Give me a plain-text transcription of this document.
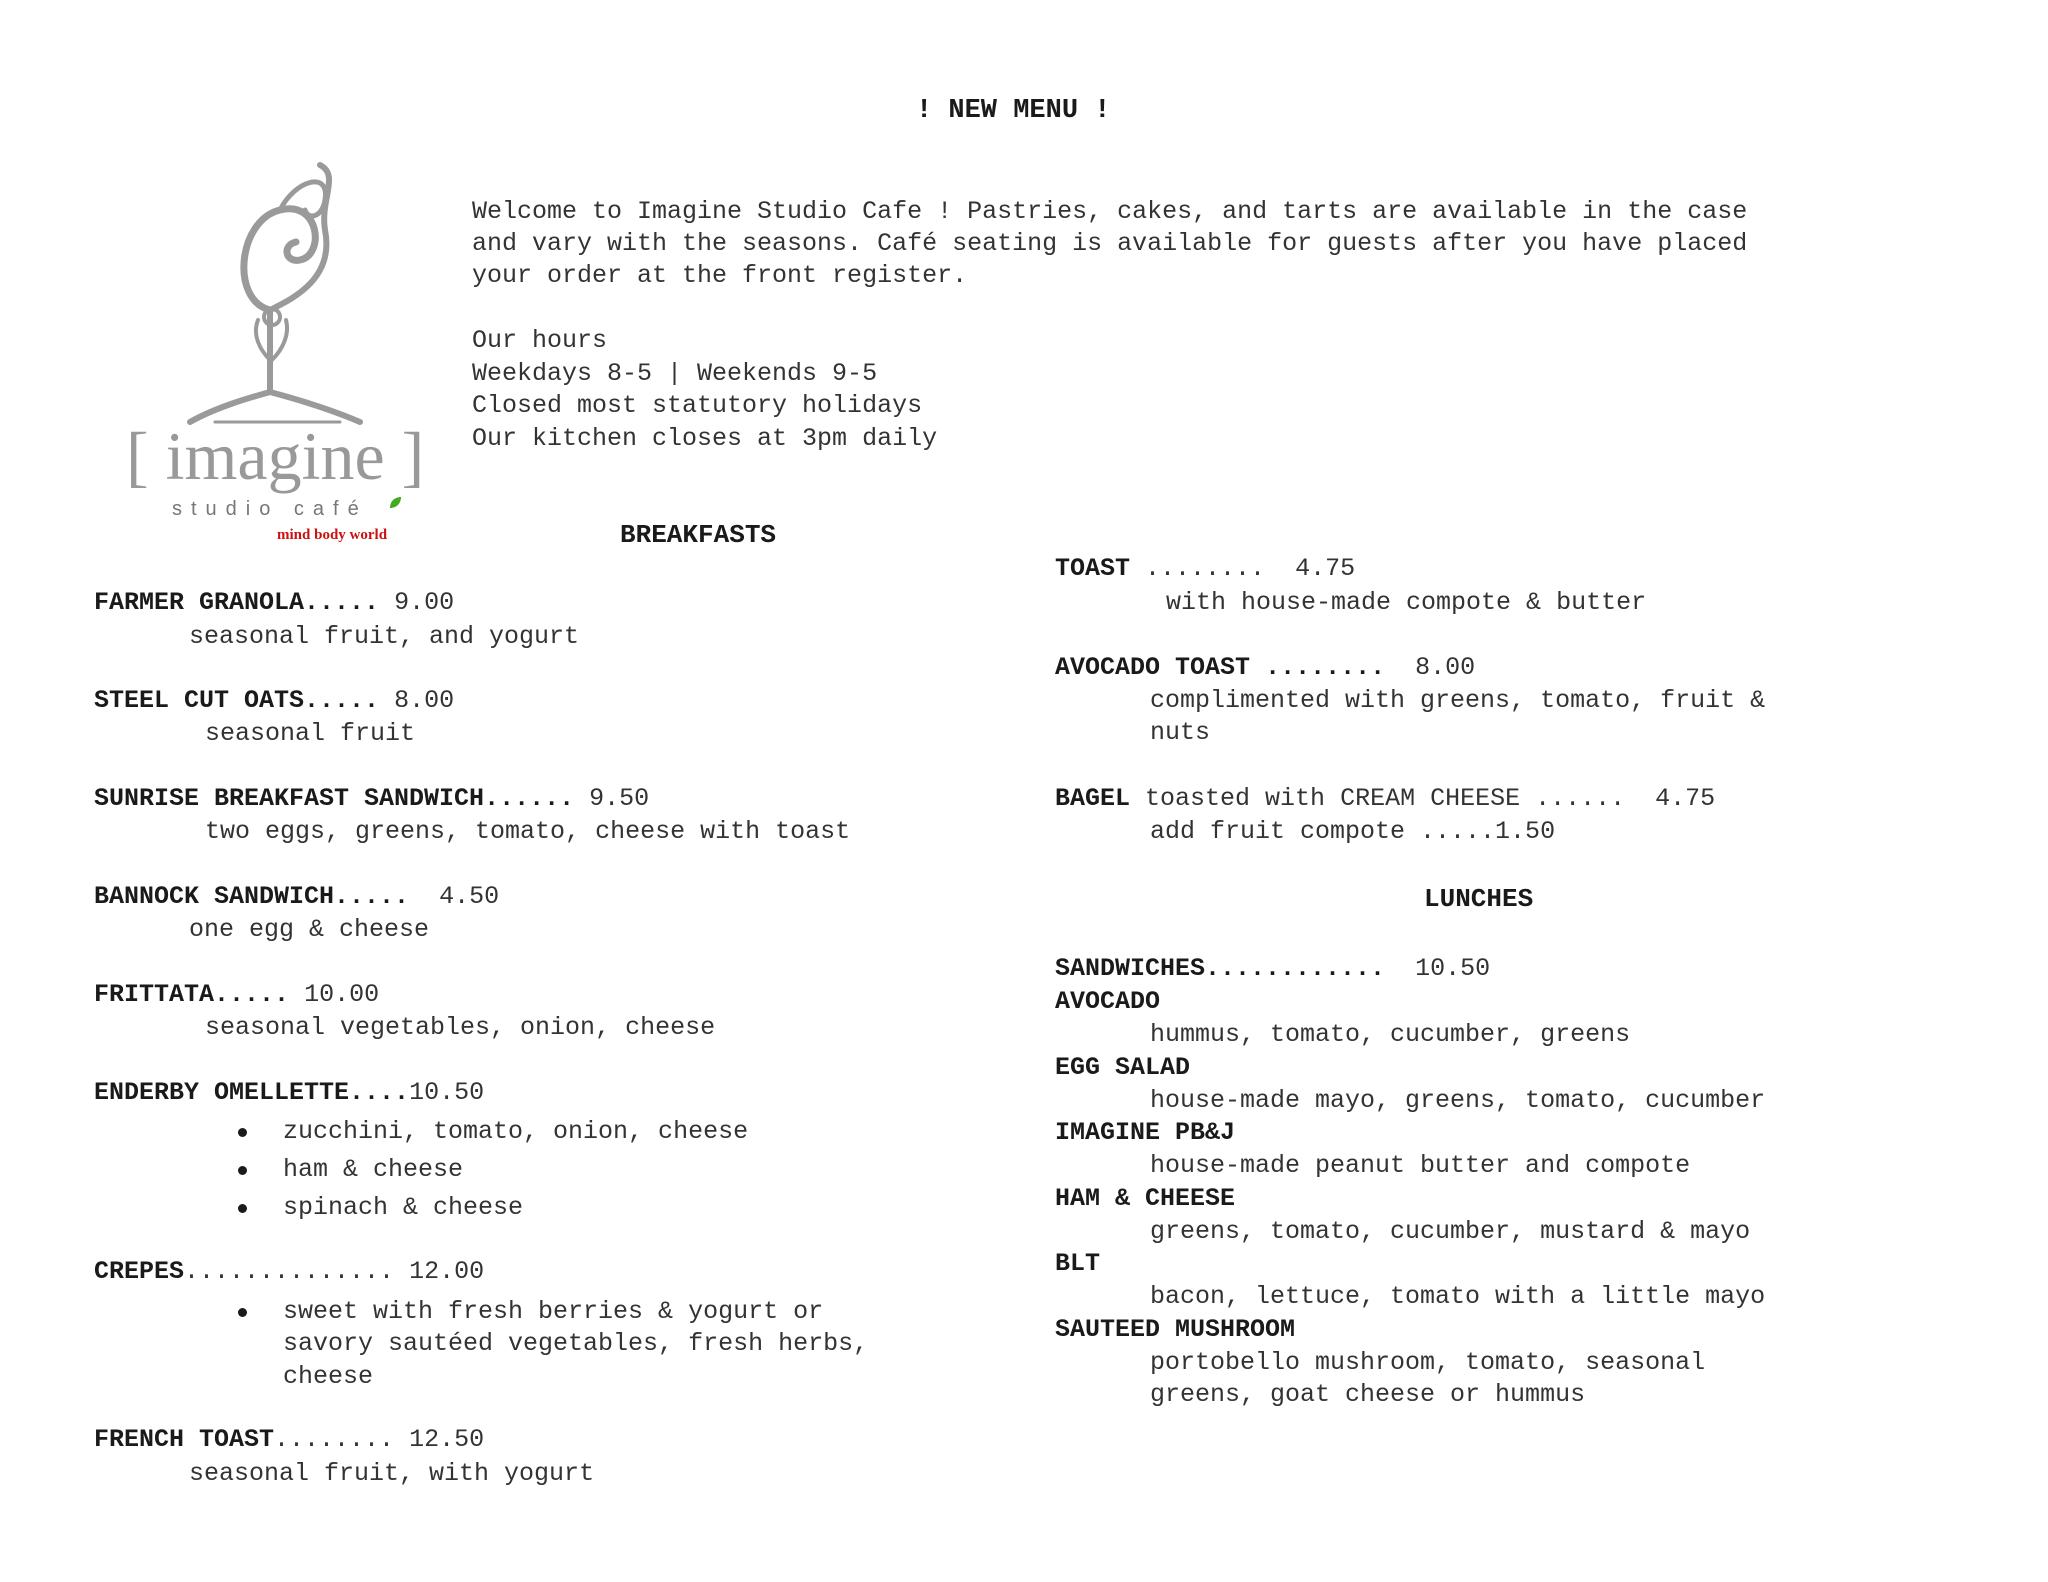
! NEW MENU !
[ imagine ]
studio café
mind body world
Welcome to Imagine Studio Cafe ! Pastries, cakes, and tarts are available in the case
and vary with the seasons. Café seating is available for guests after you have placed
your order at the front register.
Our hours
Weekdays 8-5 | Weekends 9-5
Closed most statutory holidays
Our kitchen closes at 3pm daily
BREAKFASTS
FARMER GRANOLA..... 9.00
seasonal fruit, and yogurt
STEEL CUT OATS..... 8.00
seasonal fruit
SUNRISE BREAKFAST SANDWICH...... 9.50
two eggs, greens, tomato, cheese with toast
BANNOCK SANDWICH..... 4.50
one egg & cheese
FRITTATA..... 10.00
seasonal vegetables, onion, cheese
ENDERBY OMELLETTE....10.50
zucchini, tomato, onion, cheese
ham & cheese
spinach & cheese
CREPES.............. 12.00
sweet with fresh berries & yogurt or
savory sautéed vegetables, fresh herbs,
cheese
FRENCH TOAST........ 12.50
seasonal fruit, with yogurt
TOAST ........ 4.75
with house-made compote & butter
AVOCADO TOAST ........ 8.00
complimented with greens, tomato, fruit &
nuts
BAGEL toasted with CREAM CHEESE ...... 4.75
add fruit compote .....1.50
LUNCHES
SANDWICHES............ 10.50
AVOCADO
hummus, tomato, cucumber, greens
EGG SALAD
house-made mayo, greens, tomato, cucumber
IMAGINE PB&J
house-made peanut butter and compote
HAM & CHEESE
greens, tomato, cucumber, mustard & mayo
BLT
bacon, lettuce, tomato with a little mayo
SAUTEED MUSHROOM
portobello mushroom, tomato, seasonal
greens, goat cheese or hummus
